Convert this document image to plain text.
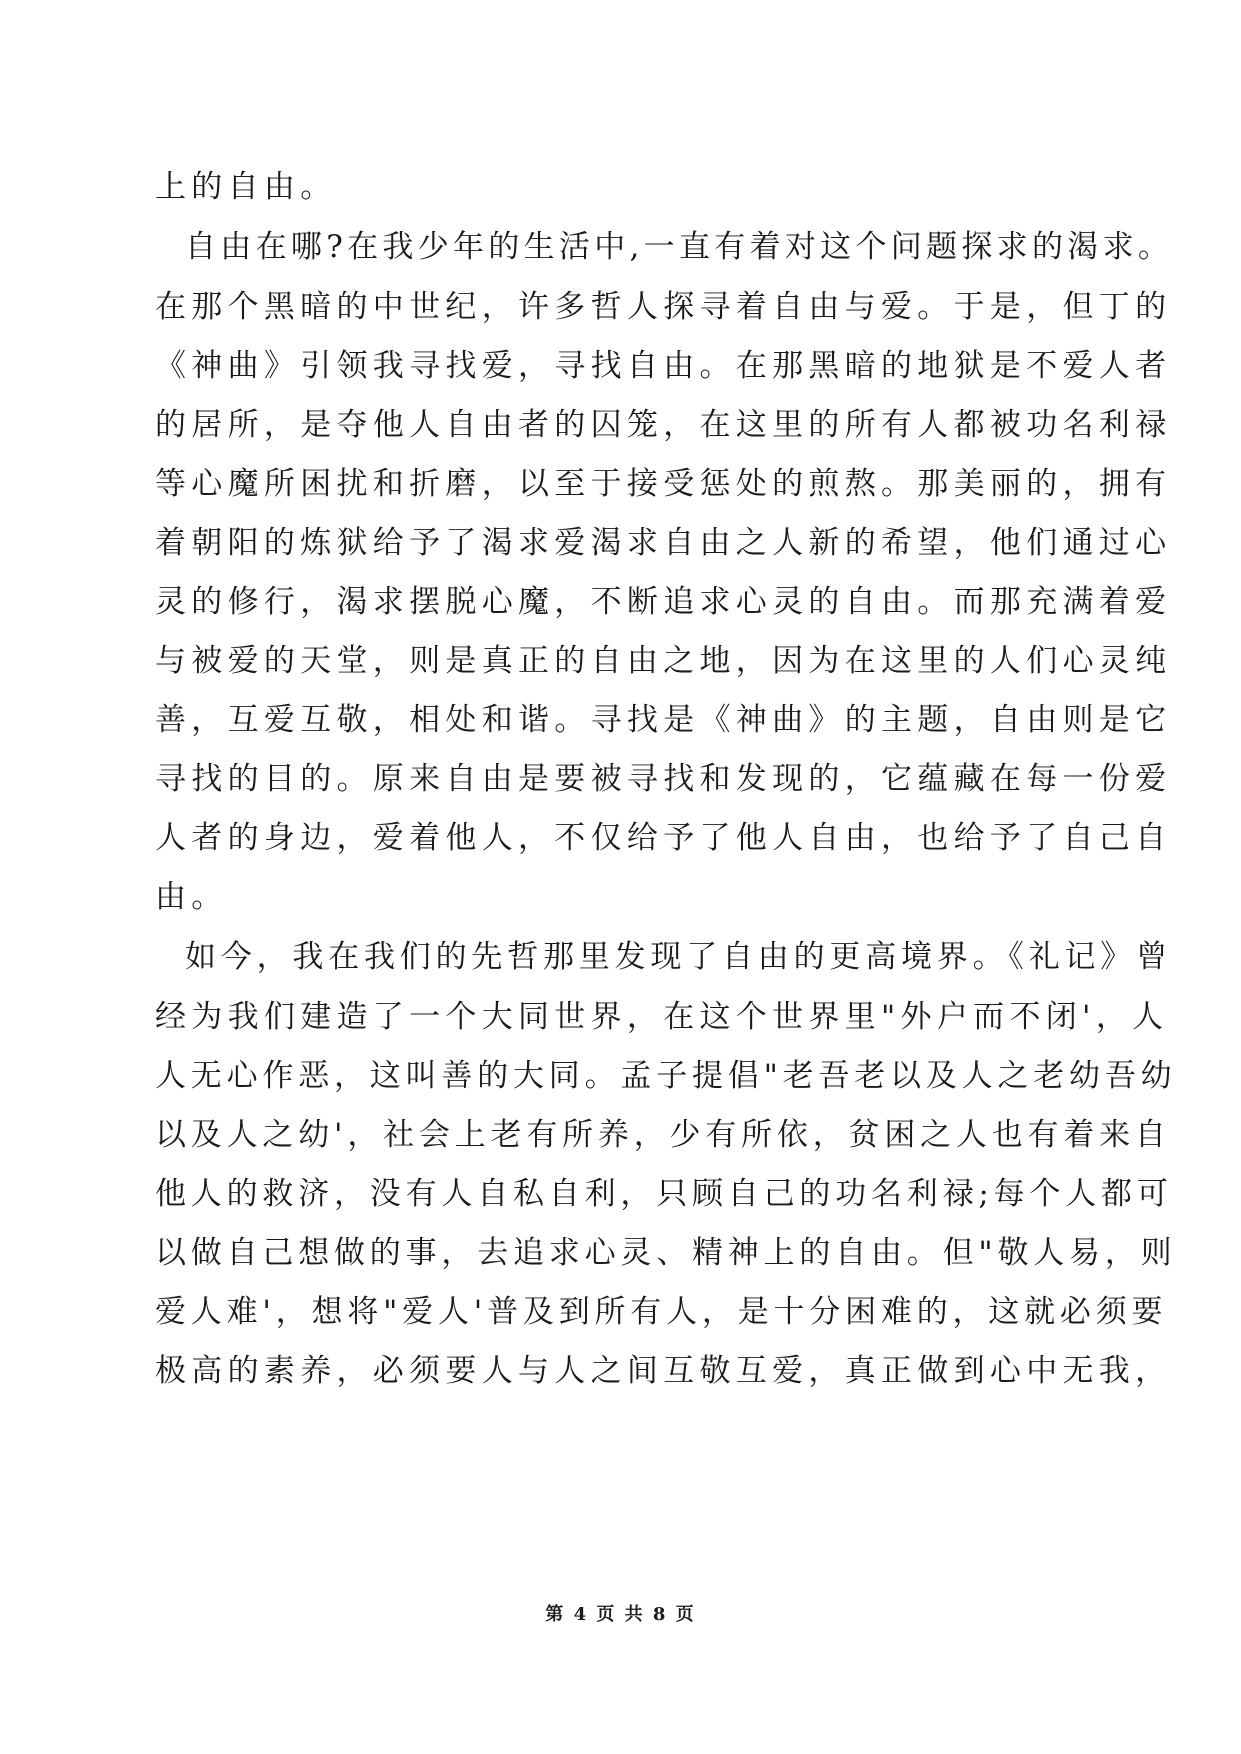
上的自由。
自由在哪?在我少年的生活中,一直有着对这个问题探求的渴求。
在那个黑暗的中世纪，许多哲人探寻着自由与爱。于是，但丁的
《神曲》引领我寻找爱，寻找自由。在那黑暗的地狱是不爱人者
的居所，是夺他人自由者的囚笼，在这里的所有人都被功名利禄
等心魔所困扰和折磨，以至于接受惩处的煎熬。那美丽的，拥有
着朝阳的炼狱给予了渴求爱渴求自由之人新的希望，他们通过心
灵的修行，渴求摆脱心魔，不断追求心灵的自由。而那充满着爱
与被爱的天堂，则是真正的自由之地，因为在这里的人们心灵纯
善，互爱互敬，相处和谐。寻找是《神曲》的主题，自由则是它
寻找的目的。原来自由是要被寻找和发现的，它蕴藏在每一份爱
人者的身边，爱着他人，不仅给予了他人自由，也给予了自己自
由。
如今，我在我们的先哲那里发现了自由的更高境界。《礼记》曾
经为我们建造了一个大同世界，在这个世界里"外户而不闭'，人
人无心作恶，这叫善的大同。孟子提倡"老吾老以及人之老幼吾幼
以及人之幼'，社会上老有所养，少有所依，贫困之人也有着来自
他人的救济，没有人自私自利，只顾自己的功名利禄;每个人都可
以做自己想做的事，去追求心灵、精神上的自由。但"敬人易，则
爱人难'，想将"爱人'普及到所有人，是十分困难的，这就必须要
极高的素养，必须要人与人之间互敬互爱，真正做到心中无我，
第 4 页 共 8 页
